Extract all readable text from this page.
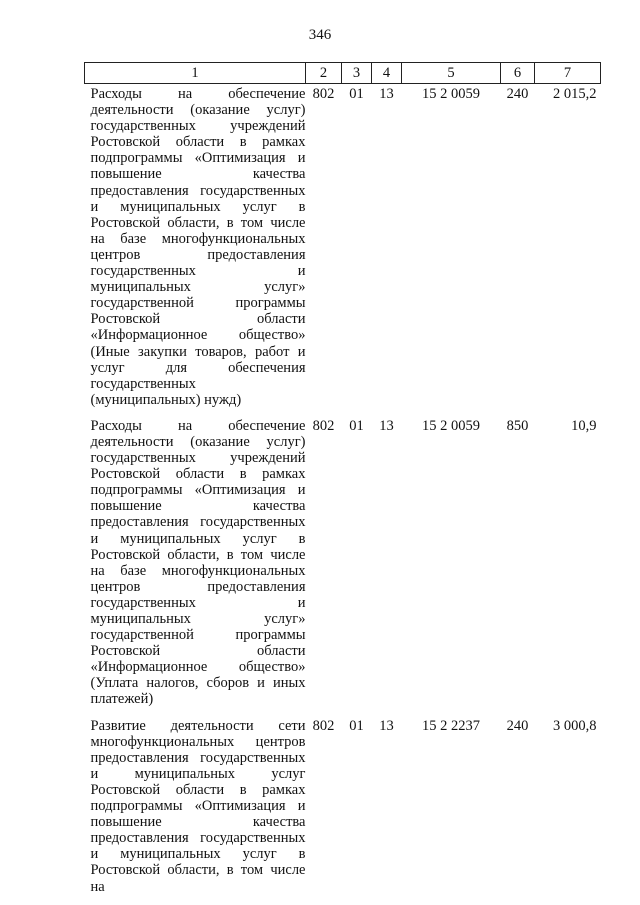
346
1	2	3	4	5	6	7
Расходы на обеспечение деятельности (оказание услуг) государственных учреждений Ростовской области в рамках подпрограммы «Оптимизация и повышение качества предоставления государственных и муниципальных услуг в Ростовской области, в том числе на базе многофункциональных центров предоставления государственных и муниципальных услуг» государственной программы Ростовской области «Информационное общество» (Иные закупки товаров, работ и услуг для обеспечения государственных (муниципальных) нужд)	802	01	13	15 2 0059	240	2 015,2
Расходы на обеспечение деятельности (оказание услуг) государственных учреждений Ростовской области в рамках подпрограммы «Оптимизация и повышение качества предоставления государственных и муниципальных услуг в Ростовской области, в том числе на базе многофункциональных центров предоставления государственных и муниципальных услуг» государственной программы Ростовской области «Информационное общество» (Уплата налогов, сборов и иных платежей)	802	01	13	15 2 0059	850	10,9
Развитие деятельности сети многофункциональных центров предоставления государственных и муниципальных услуг Ростовской области в рамках подпрограммы «Оптимизация и повышение качества предоставления государственных и муниципальных услуг в Ростовской области, в том числе на	802	01	13	15 2 2237	240	3 000,8
